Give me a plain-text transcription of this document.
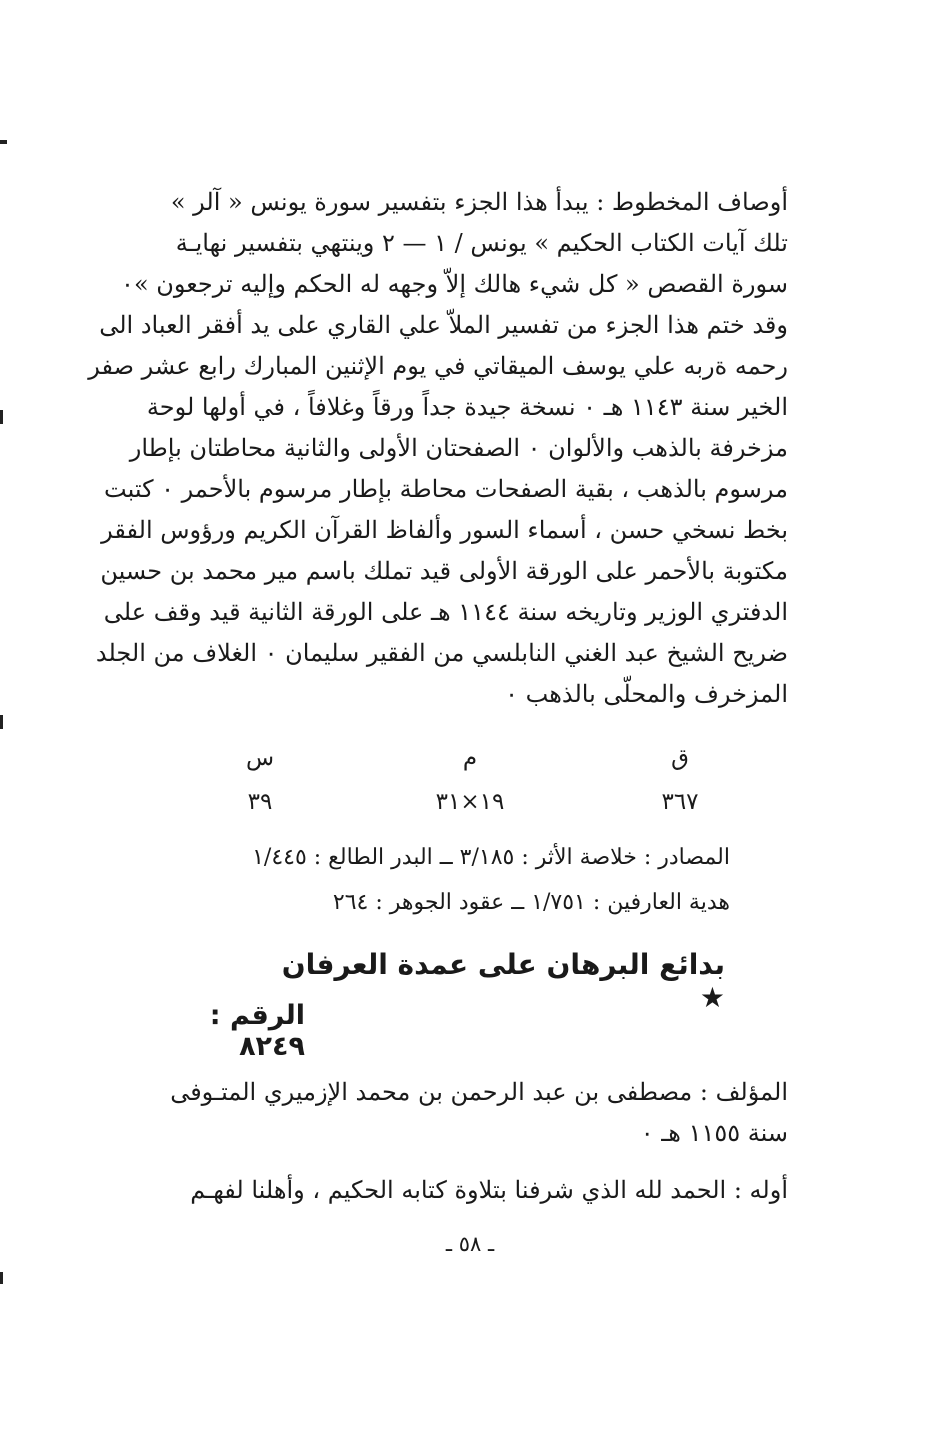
أوصاف المخطوط : يبدأ هذا الجزء بتفسير سورة يونس « آلر »
تلك آيات الكتاب الحكيم » يونس / ١ — ٢ وينتهي بتفسير نهايـة
سورة القصص « كل شيء هالك إلاّ وجهه له الحكم وإليه ترجعون »٠
وقد ختم هذا الجزء من تفسير الملاّ علي القاري على يد أفقر العباد الى
رحمه ةربه علي يوسف الميقاتي في يوم الإثنين المبارك رابع عشر صفر
الخير سنة ١١٤٣ هـ ٠ نسخة جيدة جداً ورقاً وغلافاً ، في أولها لوحة
مزخرفة بالذهب والألوان ٠ الصفحتان الأولى والثانية محاطتان بإطار
مرسوم بالذهب ، بقية الصفحات محاطة بإطار مرسوم بالأحمر ٠ كتبت
بخط نسخي حسن ، أسماء السور وألفاظ القرآن الكريم ورؤوس الفقر
مكتوبة بالأحمر على الورقة الأولى قيد تملك باسم مير محمد بن حسين
الدفتري الوزير وتاريخه سنة ١١٤٤ هـ على الورقة الثانية قيد وقف على
ضريح الشيخ عبد الغني النابلسي من الفقير سليمان ٠ الغلاف من الجلد
المزخرف والمحلّى بالذهب ٠
ق
م
س
٣٦٧
١٩×٣١
٣٩
المصادر : خلاصة الأثر : ٣/١٨٥ ــ البدر الطالع : ١/٤٤٥
هدية العارفين : ١/٧٥١ ــ عقود الجوهر : ٢٦٤
بدائع البرهان على عمدة العرفان ★
الرقم : ٨٢٤٩
المؤلف : مصطفى بن عبد الرحمن بن محمد الإزميري المتـوفى
سنة ١١٥٥ هـ ٠
أوله : الحمد لله الذي شرفنا بتلاوة كتابه الحكيم ، وأهلنا لفهـم
ـ ٥٨ ـ
